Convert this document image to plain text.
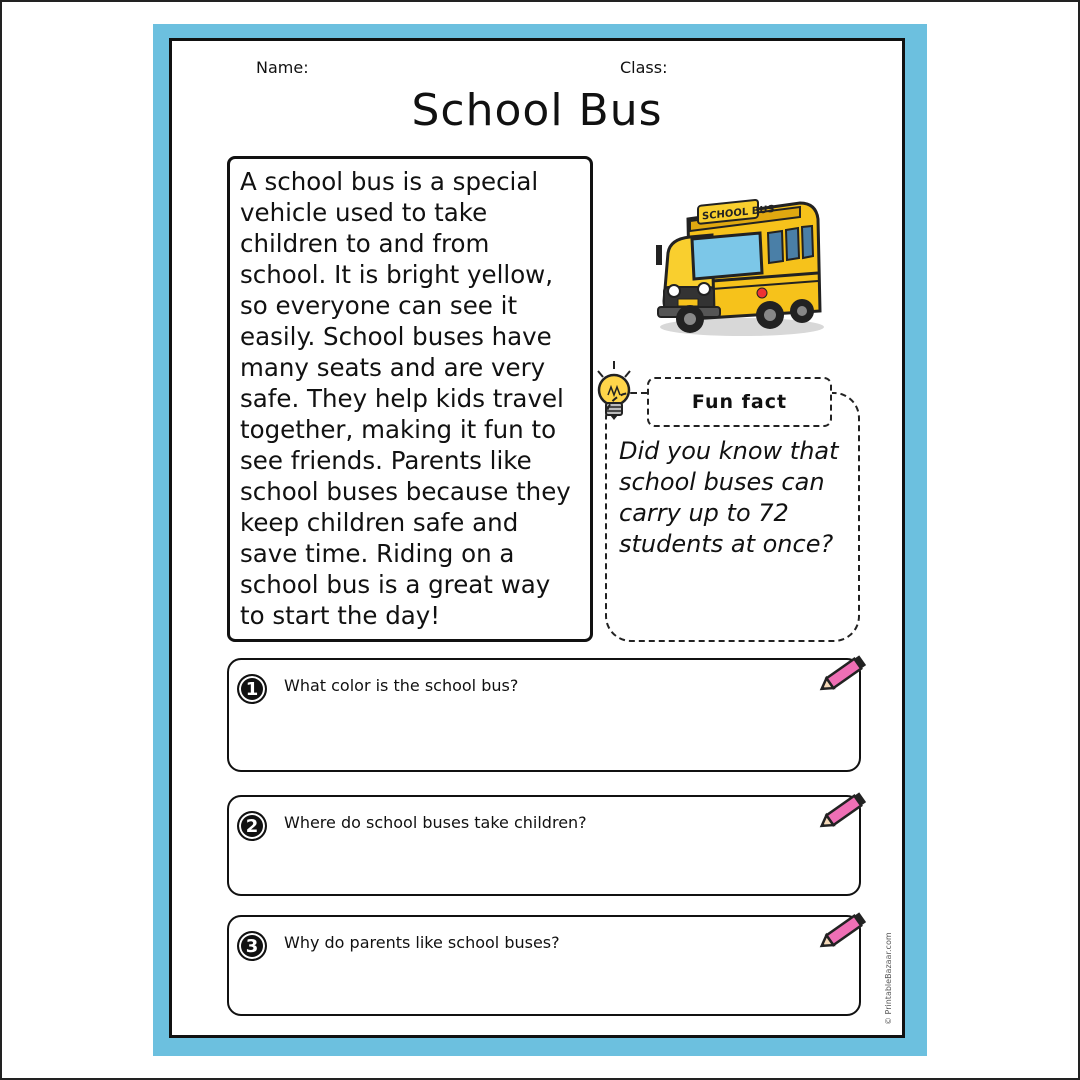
Name:	Class:
School Bus
A school bus is a special vehicle used to take children to and from school. It is bright yellow, so everyone can see it easily. School buses have many seats and are very safe. They help kids travel together, making it fun to see friends. Parents like school buses because they keep children safe and save time. Riding on a school bus is a great way to start the day!
SCHOOL BUS
Fun fact
Did you know that school buses can carry up to 72 students at once?
1	What color is the school bus?
2	Where do school buses take children?
3	Why do parents like school buses?	© PrintableBazaar.com
